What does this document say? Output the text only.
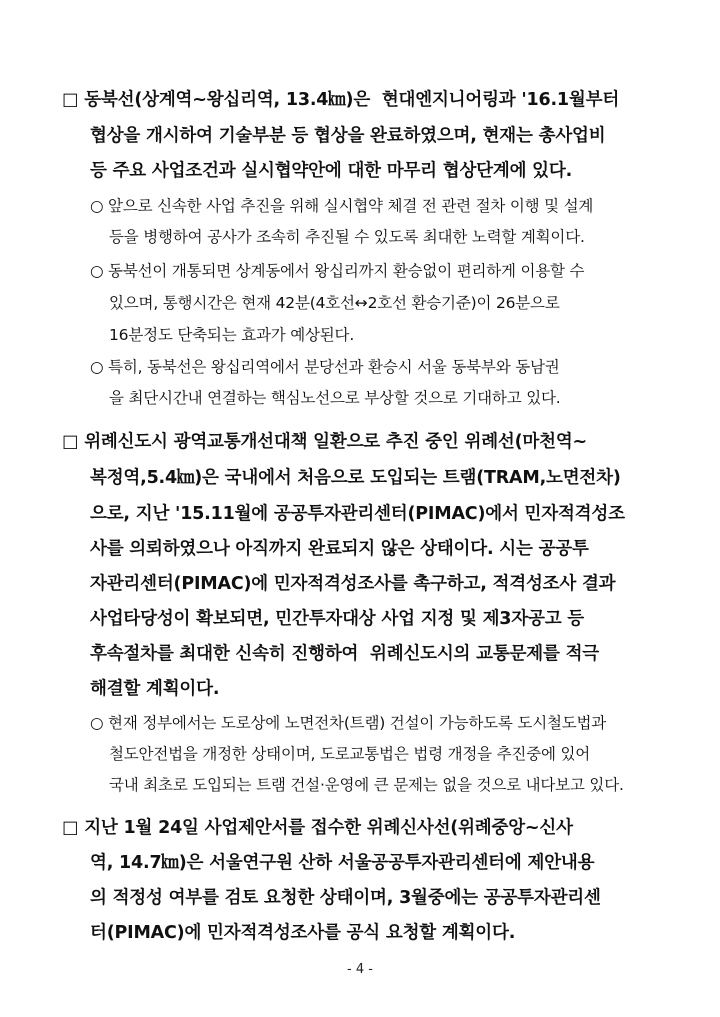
□ 동북선(상계역~왕십리역, 13.4㎞)은  현대엔지니어링과 '16.1월부터
협상을 개시하여 기술부분 등 협상을 완료하였으며, 현재는 총사업비
등 주요 사업조건과 실시협약안에 대한 마무리 협상단계에 있다.
○ 앞으로 신속한 사업 추진을 위해 실시협약 체결 전 관련 절차 이행 및 설계
등을 병행하여 공사가 조속히 추진될 수 있도록 최대한 노력할 계획이다.
○ 동북선이 개통되면 상계동에서 왕십리까지 환승없이 편리하게 이용할 수
있으며, 통행시간은 현재 42분(4호선↔2호선 환승기준)이 26분으로
16분정도 단축되는 효과가 예상된다.
○ 특히, 동북선은 왕십리역에서 분당선과 환승시 서울 동북부와 동남권
을 최단시간내 연결하는 핵심노선으로 부상할 것으로 기대하고 있다.
□ 위례신도시 광역교통개선대책 일환으로 추진 중인 위례선(마천역~
복정역,5.4㎞)은 국내에서 처음으로 도입되는 트램(TRAM,노면전차)
으로, 지난 '15.11월에 공공투자관리센터(PIMAC)에서 민자적격성조
사를 의뢰하였으나 아직까지 완료되지 않은 상태이다. 시는 공공투
자관리센터(PIMAC)에 민자적격성조사를 촉구하고, 적격성조사 결과
사업타당성이 확보되면, 민간투자대상 사업 지정 및 제3자공고 등
후속절차를 최대한 신속히 진행하여  위례신도시의 교통문제를 적극
해결할 계획이다.
○ 현재 정부에서는 도로상에 노면전차(트램) 건설이 가능하도록 도시철도법과
철도안전법을 개정한 상태이며, 도로교통법은 법령 개정을 추진중에 있어
국내 최초로 도입되는 트램 건설·운영에 큰 문제는 없을 것으로 내다보고 있다.
□ 지난 1월 24일 사업제안서를 접수한 위례신사선(위례중앙~신사
역, 14.7㎞)은 서울연구원 산하 서울공공투자관리센터에 제안내용
의 적정성 여부를 검토 요청한 상태이며, 3월중에는 공공투자관리센
터(PIMAC)에 민자적격성조사를 공식 요청할 계획이다.
- 4 -
